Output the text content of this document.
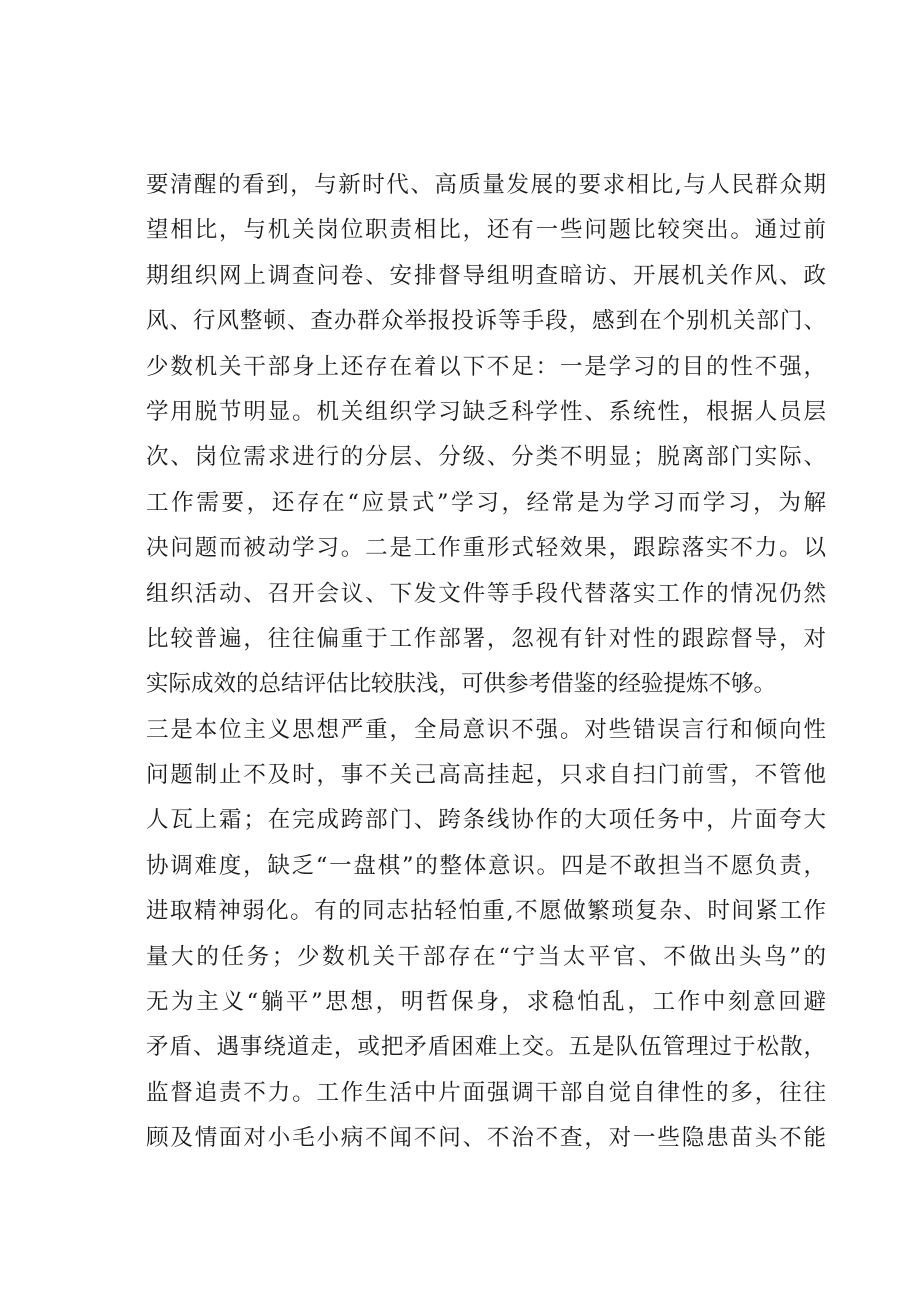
要清醒的看到，与新时代、高质量发展的要求相比,与人民群众期
望相比，与机关岗位职责相比，还有一些问题比较突出。通过前
期组织网上调查问卷、安排督导组明查暗访、开展机关作风、政
风、行风整顿、查办群众举报投诉等手段，感到在个别机关部门、
少数机关干部身上还存在着以下不足：一是学习的目的性不强，
学用脱节明显。机关组织学习缺乏科学性、系统性，根据人员层
次、岗位需求进行的分层、分级、分类不明显；脱离部门实际、
工作需要，还存在“应景式”学习，经常是为学习而学习，为解
决问题而被动学习。二是工作重形式轻效果，跟踪落实不力。以
组织活动、召开会议、下发文件等手段代替落实工作的情况仍然
比较普遍，往往偏重于工作部署，忽视有针对性的跟踪督导，对
实际成效的总结评估比较肤浅，可供参考借鉴的经验提炼不够。
三是本位主义思想严重，全局意识不强。对些错误言行和倾向性
问题制止不及时，事不关己高高挂起，只求自扫门前雪，不管他
人瓦上霜；在完成跨部门、跨条线协作的大项任务中，片面夸大
协调难度，缺乏“一盘棋”的整体意识。四是不敢担当不愿负责，
进取精神弱化。有的同志拈轻怕重,不愿做繁琐复杂、时间紧工作
量大的任务；少数机关干部存在“宁当太平官、不做出头鸟”的
无为主义“躺平”思想，明哲保身，求稳怕乱，工作中刻意回避
矛盾、遇事绕道走，或把矛盾困难上交。五是队伍管理过于松散，
监督追责不力。工作生活中片面强调干部自觉自律性的多，往往
顾及情面对小毛小病不闻不问、不治不查，对一些隐患苗头不能
